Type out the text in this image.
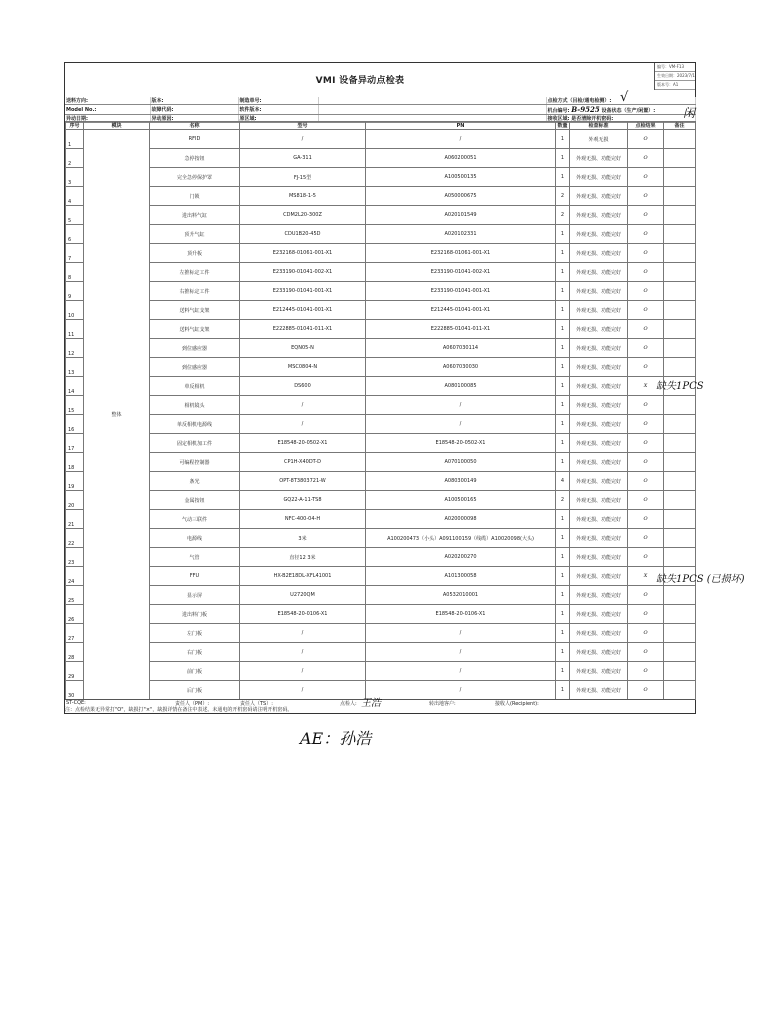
编号：VM-F13
生效日期：2023/7/1
版本号：A1
VMI 设备异动点检表
送料方向:	版本:	制造单号:		点检方式（目检/通电检测）:
Model No.:	故障代码:	软件版本:		机台编号: B-9525 设备状态（生产/闲置）:
异动日期:	异动原因:	原区域:		接收区域: 是否清除开机密码:
序号	模块	名称	型号	PN	数量	检查标准	点检结果	备注
1	整体	RFID	/	/	1	外观无损	O	
2		急停按钮	GA-311	A060200051	1	外观无损、功能完好	O	
3		完全急停保护罩	FJ-15型	A100500135	1	外观无损、功能完好	O	
4		门锁	MS818-1-5	A050000675	2	外观无损、功能完好	O	
5		进出料气缸	CDM2L20-300Z	A020101549	2	外观无损、功能完好	O	
6		顶升气缸	CDU1B20-45D	A020102331	1	外观无损、功能完好	O	
7		顶升板	E232168-01061-001-X1	E232168-01061-001-X1	1	外观无损、功能完好	O	
8		左推标定工件	E233190-01041-002-X1	E233190-01041-002-X1	1	外观无损、功能完好	O	
9		右推标定工件	E233190-01041-001-X1	E233190-01041-001-X1	1	外观无损、功能完好	O	
10		送料气缸支架	E212445-01041-001-X1	E212445-01041-001-X1	1	外观无损、功能完好	O	
11		送料气缸支架	E222885-01041-011-X1	E222885-01041-011-X1	1	外观无损、功能完好	O	
12		到位感应器	EQN05-N	A0607030114	1	外观无损、功能完好	O	
13		到位感应器	MSC0804-N	A0607030030	1	外观无损、功能完好	O	
14		单反相机	DS600	A080100085	1	外观无损、功能完好	X	
15		相机镜头	/	/	1	外观无损、功能完好	O	
16		单反相机电源线	/	/	1	外观无损、功能完好	O	
17		固定相机加工件	E18548-20-0502-X1	E18548-20-0502-X1	1	外观无损、功能完好	O	
18		可编程控制器	CP1H-X40DT-D	A070100050	1	外观无损、功能完好	O	
19		条光	OPT-8T3803721-W	A080300149	4	外观无损、功能完好	O	
20		金属按钮	GQ22-A-11-TS8	A100500165	2	外观无损、功能完好	O	
21		气动三联件	NFC-400-04-H	A020000098	1	外观无损、功能完好	O	
22		电源线	3米	A100200473（小头）A091100159（线缆）A10020098(大头)	1	外观无损、功能完好	O	
23		气管	直径12 3米	A020200270	1	外观无损、功能完好	O	
24		FFU	HX-B2E18DL-XFL41001	A101300058	1	外观无损、功能完好	X	
25		显示屏	U2720QM	A0532010001	1	外观无损、功能完好	O	
26		进出料门板	E18548-20-0106-X1	E18548-20-0106-X1	1	外观无损、功能完好	O	
27		左门板	/	/	1	外观无损、功能完好	O	
28		右门板	/	/	1	外观无损、功能完好	O	
29		前门板	/	/	1	外观无损、功能完好	O	
30		后门板	/	/	1	外观无损、功能完好	O	
ST-CQE:	责任人（PM）:	责任人（TS）:	点检人: 王浩	转出地客户:	接收人(Recipient):
注：点检结果无异常打"O"，缺损打"×"，缺损详情在备注中表述。未通电的开机密码请注明开机密码。
√
闲
缺失1PCS
缺失1PCS (已损坏)
AE：孙浩
